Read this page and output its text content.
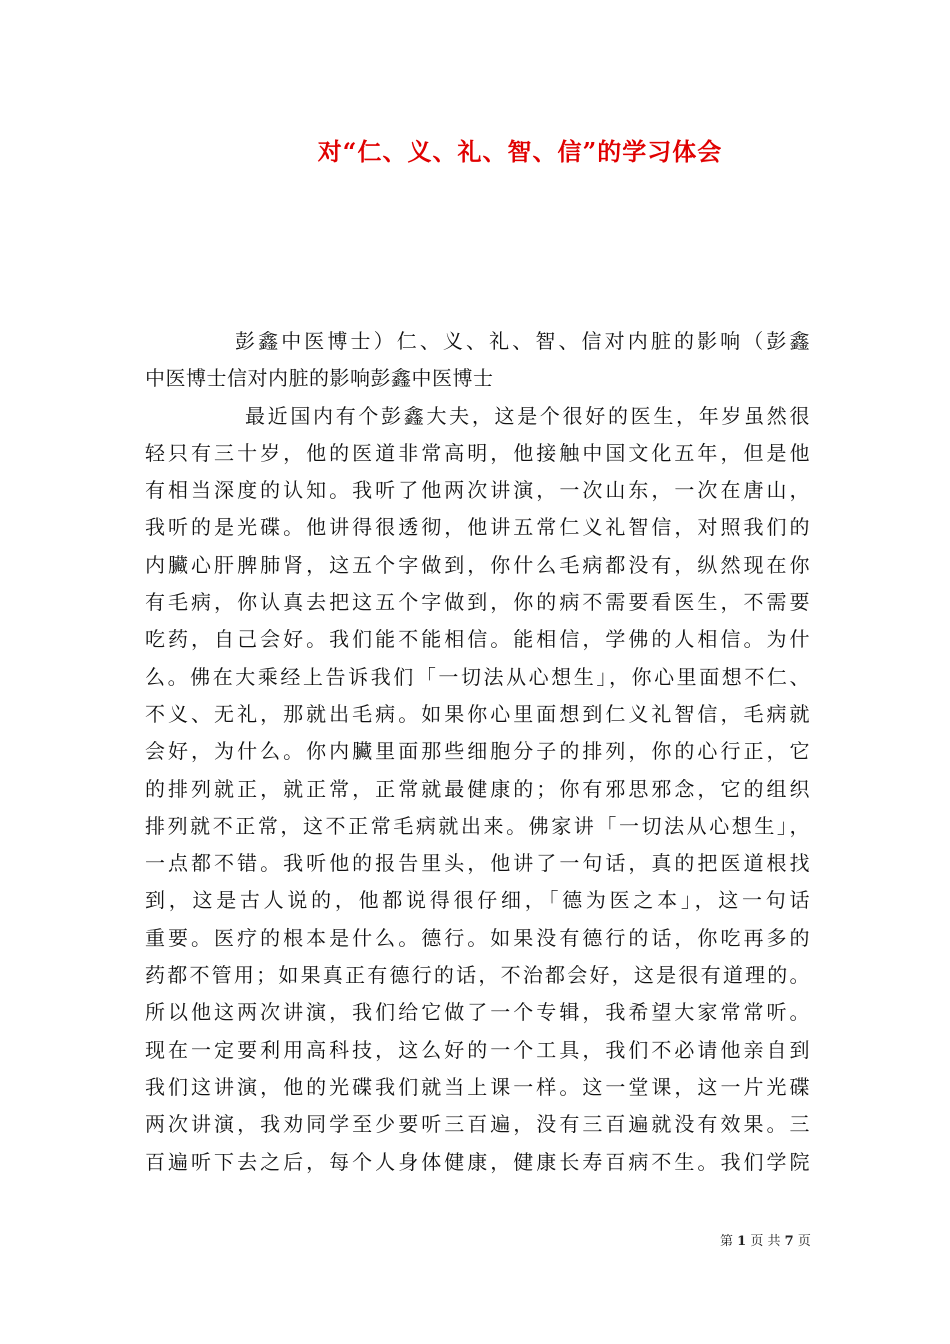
对“仁、义、礼、智、信”的学习体会
彭鑫中医博士）仁、义、礼、智、信对内脏的影响（彭鑫
中医博士信对内脏的影响彭鑫中医博士
最近国内有个彭鑫大夫，这是个很好的医生，年岁虽然很
轻只有三十岁，他的医道非常高明，他接触中国文化五年，但是他
有相当深度的认知。我听了他两次讲演，一次山东，一次在唐山，
我听的是光碟。他讲得很透彻，他讲五常仁义礼智信，对照我们的
内臟心肝脾肺肾，这五个字做到，你什么毛病都没有，纵然现在你
有毛病，你认真去把这五个字做到，你的病不需要看医生，不需要
吃药，自己会好。我们能不能相信。能相信，学佛的人相信。为什
么。佛在大乘经上告诉我们「一切法从心想生」，你心里面想不仁、
不义、无礼，那就出毛病。如果你心里面想到仁义礼智信，毛病就
会好，为什么。你内臟里面那些细胞分子的排列，你的心行正，它
的排列就正，就正常，正常就最健康的；你有邪思邪念，它的组织
排列就不正常，这不正常毛病就出来。佛家讲「一切法从心想生」，
一点都不错。我听他的报告里头，他讲了一句话，真的把医道根找
到，这是古人说的，他都说得很仔细，「德为医之本」，这一句话
重要。医疗的根本是什么。德行。如果没有德行的话，你吃再多的
药都不管用；如果真正有德行的话，不治都会好，这是很有道理的。
所以他这两次讲演，我们给它做了一个专辑，我希望大家常常听。
现在一定要利用高科技，这么好的一个工具，我们不必请他亲自到
我们这讲演，他的光碟我们就当上课一样。这一堂课，这一片光碟
两次讲演，我劝同学至少要听三百遍，没有三百遍就没有效果。三
百遍听下去之后，每个人身体健康，健康长寿百病不生。我们学院
第 1 页 共 7 页
